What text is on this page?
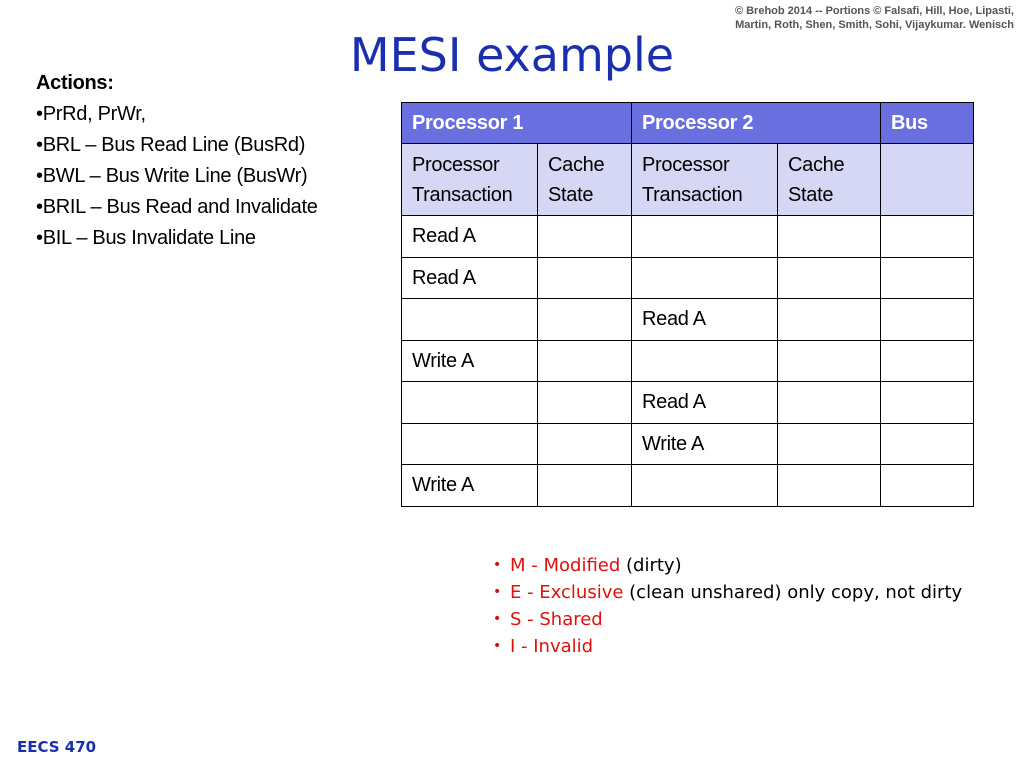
© Brehob 2014 -- Portions © Falsafi, Hill, Hoe, Lipasti,
Martin, Roth, Shen, Smith, Sohi, Vijaykumar. Wenisch
MESI example
Actions:
• PrRd, PrWr,
• BRL – Bus Read Line (BusRd)
• BWL – Bus Write Line (BusWr)
• BRIL – Bus Read and Invalidate
• BIL – Bus Invalidate Line
Processor 1		Processor 2		Bus
Processor Transaction	Cache State	Processor Transaction	Cache State	
Read A				
Read A				
		Read A		
Write A				
		Read A		
		Write A		
Write A				
• M - Modified (dirty)
• E - Exclusive (clean unshared) only copy, not dirty
• S - Shared
• I - Invalid
EECS 470
